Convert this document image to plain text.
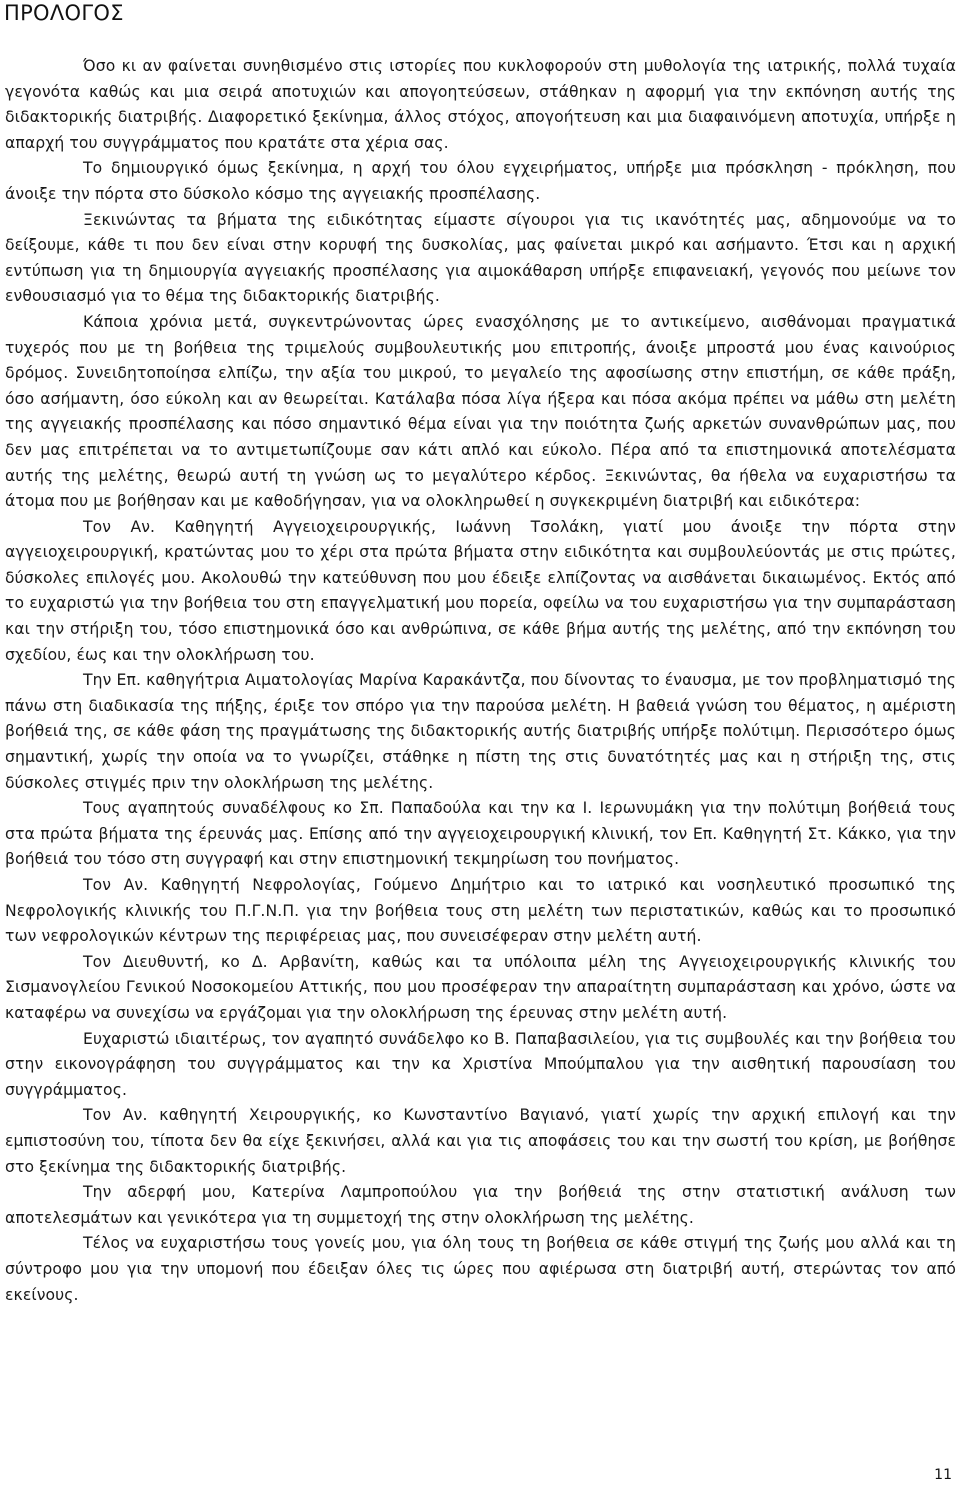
ΠΡΟΛΟΓΟΣ

Όσο κι αν φαίνεται συνηθισμένο στις ιστορίες που κυκλοφορούν στη μυθολογία της ιατρικής, πολλά τυχαία γεγονότα καθώς και μια σειρά αποτυχιών και απογοητεύσεων, στάθηκαν η αφορμή για την εκπόνηση αυτής της διδακτορικής διατριβής. Διαφορετικό ξεκίνημα, άλλος στόχος, απογοήτευση και μια διαφαινόμενη αποτυχία, υπήρξε η απαρχή του συγγράμματος που κρατάτε στα χέρια σας.

Το δημιουργικό όμως ξεκίνημα, η αρχή του όλου εγχειρήματος, υπήρξε μια πρόσκληση - πρόκληση, που άνοιξε την πόρτα στο δύσκολο κόσμο της αγγειακής προσπέλασης.

Ξεκινώντας τα βήματα της ειδικότητας είμαστε σίγουροι για τις ικανότητές μας, αδημονούμε να το δείξουμε, κάθε τι που δεν είναι στην κορυφή της δυσκολίας, μας φαίνεται μικρό και ασήμαντο. Έτσι και η αρχική εντύπωση για τη δημιουργία αγγειακής προσπέλασης για αιμοκάθαρση υπήρξε επιφανειακή, γεγονός που μείωνε τον ενθουσιασμό για το θέμα της διδακτορικής διατριβής.

Κάποια χρόνια μετά, συγκεντρώνοντας ώρες ενασχόλησης με το αντικείμενο, αισθάνομαι πραγματικά τυχερός που με τη βοήθεια της τριμελούς συμβουλευτικής μου επιτροπής, άνοιξε μπροστά μου ένας καινούριος δρόμος. Συνειδητοποίησα ελπίζω, την αξία του μικρού, το μεγαλείο της αφοσίωσης στην επιστήμη, σε κάθε πράξη, όσο ασήμαντη, όσο εύκολη και αν θεωρείται. Κατάλαβα πόσα λίγα ήξερα και πόσα ακόμα πρέπει να μάθω στη μελέτη της αγγειακής προσπέλασης και πόσο σημαντικό θέμα είναι για την ποιότητα ζωής αρκετών συνανθρώπων μας, που δεν μας επιτρέπεται να το αντιμετωπίζουμε σαν κάτι απλό και εύκολο. Πέρα από τα επιστημονικά αποτελέσματα αυτής της μελέτης, θεωρώ αυτή τη γνώση ως το μεγαλύτερο κέρδος. Ξεκινώντας, θα ήθελα να ευχαριστήσω τα άτομα που με βοήθησαν και με καθοδήγησαν, για να ολοκληρωθεί η συγκεκριμένη διατριβή και ειδικότερα:

Τον Αν. Καθηγητή Αγγειοχειρουργικής, Ιωάννη Τσολάκη, γιατί μου άνοιξε την πόρτα στην αγγειοχειρουργική, κρατώντας μου το χέρι στα πρώτα βήματα στην ειδικότητα και συμβουλεύοντάς με στις πρώτες, δύσκολες επιλογές μου. Ακολουθώ την κατεύθυνση που μου έδειξε ελπίζοντας να αισθάνεται δικαιωμένος. Εκτός από το ευχαριστώ για την βοήθεια του στη επαγγελματική μου πορεία, οφείλω να του ευχαριστήσω για την συμπαράσταση και την στήριξη του, τόσο επιστημονικά όσο και ανθρώπινα, σε κάθε βήμα αυτής της μελέτης, από την εκπόνηση του σχεδίου, έως και την ολοκλήρωση του.

Την Επ. καθηγήτρια Αιματολογίας Μαρίνα Καρακάντζα, που δίνοντας το έναυσμα, με τον προβληματισμό της πάνω στη διαδικασία της πήξης, έριξε τον σπόρο για την παρούσα μελέτη. Η βαθειά γνώση του θέματος, η αμέριστη βοήθειά της, σε κάθε φάση της πραγμάτωσης της διδακτορικής αυτής διατριβής υπήρξε πολύτιμη. Περισσότερο όμως σημαντική, χωρίς την οποία να το γνωρίζει, στάθηκε η πίστη της στις δυνατότητές μας και η στήριξη της, στις δύσκολες στιγμές πριν την ολοκλήρωση της μελέτης.

Τους αγαπητούς συναδέλφους κο Σπ. Παπαδούλα και την κα Ι. Ιερωνυμάκη για την πολύτιμη βοήθειά τους στα πρώτα βήματα της έρευνάς μας. Επίσης από την αγγειοχειρουργική κλινική, τον Επ. Καθηγητή Στ. Κάκκο, για την βοήθειά του τόσο στη συγγραφή και στην επιστημονική τεκμηρίωση του πονήματος.

Τον Αν. Καθηγητή Νεφρολογίας, Γούμενο Δημήτριο και το ιατρικό και νοσηλευτικό προσωπικό της Νεφρολογικής κλινικής του Π.Γ.Ν.Π. για την βοήθεια τους στη μελέτη των περιστατικών, καθώς και το προσωπικό των νεφρολογικών κέντρων της περιφέρειας μας, που συνεισέφεραν στην μελέτη αυτή.

Τον Διευθυντή, κο Δ. Αρβανίτη, καθώς και τα υπόλοιπα μέλη της Αγγειοχειρουργικής κλινικής του Σισμανογλείου Γενικού Νοσοκομείου Αττικής, που μου προσέφεραν την απαραίτητη συμπαράσταση και χρόνο, ώστε να καταφέρω να συνεχίσω να εργάζομαι για την ολοκλήρωση της έρευνας στην μελέτη αυτή.

Ευχαριστώ ιδιαιτέρως, τον αγαπητό συνάδελφο κο Β. Παπαβασιλείου, για τις συμβουλές και την βοήθεια του στην εικονογράφηση του συγγράμματος και την κα Χριστίνα Μπούμπαλου για την αισθητική παρουσίαση του συγγράμματος.

Τον Αν. καθηγητή Χειρουργικής, κο Κωνσταντίνο Βαγιανό, γιατί χωρίς την αρχική επιλογή και την εμπιστοσύνη του, τίποτα δεν θα είχε ξεκινήσει, αλλά και για τις αποφάσεις του και την σωστή του κρίση, με βοήθησε στο ξεκίνημα της διδακτορικής διατριβής.

Την αδερφή μου, Κατερίνα Λαμπροπούλου για την βοήθειά της στην στατιστική ανάλυση των αποτελεσμάτων και γενικότερα για τη συμμετοχή της στην ολοκλήρωση της μελέτης.

Τέλος να ευχαριστήσω τους γονείς μου, για όλη τους τη βοήθεια σε κάθε στιγμή της ζωής μου αλλά και τη σύντροφο μου για την υπομονή που έδειξαν όλες τις ώρες που αφιέρωσα στη διατριβή αυτή, στερώντας τον από εκείνους.

11
